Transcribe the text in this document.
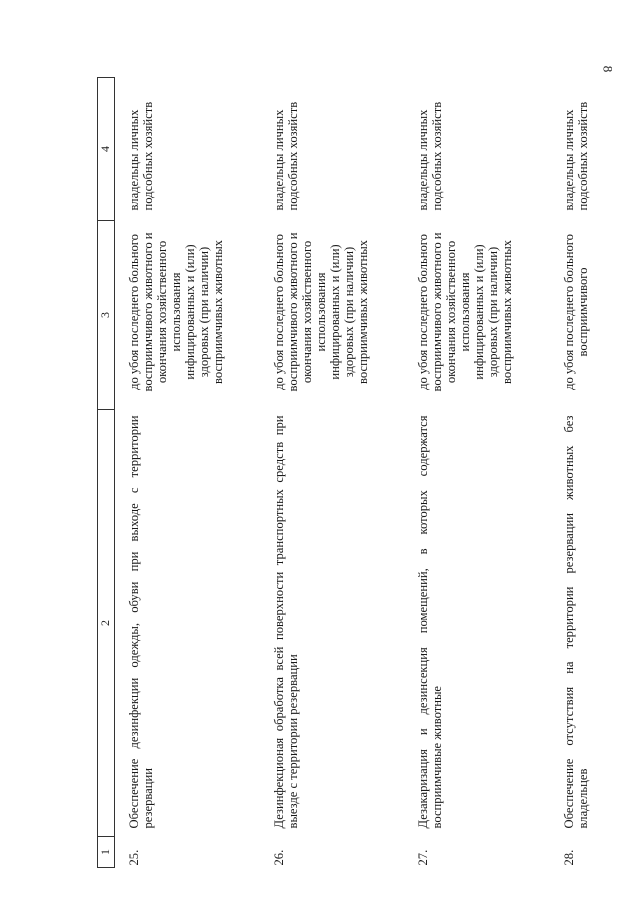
8
1	2	3	4
25.	Обеспечение дезинфекции одежды, обуви при выходе с территории резервации	до убоя последнего больного восприимчивого животного и окончания хозяйственного использования инфицированных и (или) здоровых (при наличии) восприимчивых животных	владельцы личных подсобных хозяйств
26.	Дезинфекционая обработка всей поверхности транспортных средств при выезде с территории резервации	до убоя последнего больного восприимчивого животного и окончания хозяйственного использования инфицированных и (или) здоровых (при наличии) восприимчивых животных	владельцы личных подсобных хозяйств
27.	Дезакаризация и дезинсекция помещений, в которых содержатся восприимчивые животные	до убоя последнего больного восприимчивого животного и окончания хозяйственного использования инфицированных и (или) здоровых (при наличии) восприимчивых животных	владельцы личных подсобных хозяйств
28.	Обеспечение отсутствия на территории резервации животных без владельцев	до убоя последнего больного восприимчивого	владельцы личных подсобных хозяйств
